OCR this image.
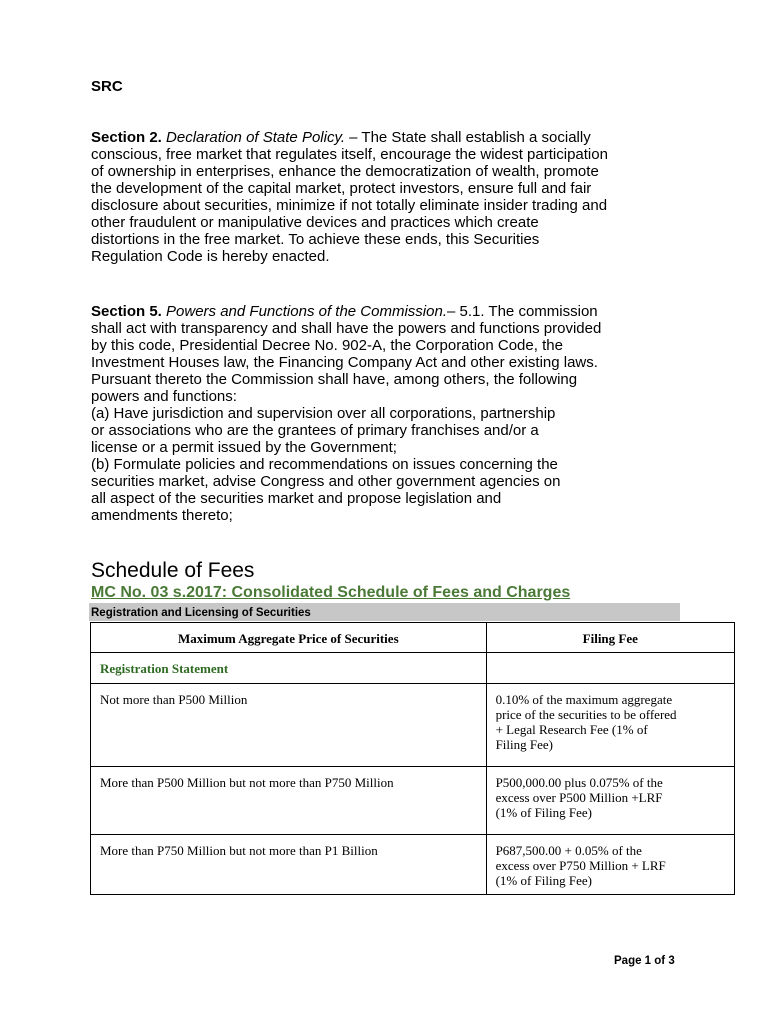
SRC

Section 2. Declaration of State Policy. – The State shall establish a socially
conscious, free market that regulates itself, encourage the widest participation
of ownership in enterprises, enhance the democratization of wealth, promote
the development of the capital market, protect investors, ensure full and fair
disclosure about securities, minimize if not totally eliminate insider trading and
other fraudulent or manipulative devices and practices which create
distortions in the free market. To achieve these ends, this Securities
Regulation Code is hereby enacted.
Section 5. Powers and Functions of the Commission.– 5.1. The commission
shall act with transparency and shall have the powers and functions provided
by this code, Presidential Decree No. 902-A, the Corporation Code, the
Investment Houses law, the Financing Company Act and other existing laws.
Pursuant thereto the Commission shall have, among others, the following
powers and functions:
(a) Have jurisdiction and supervision over all corporations, partnership
or associations who are the grantees of primary franchises and/or a
license or a permit issued by the Government;
(b) Formulate policies and recommendations on issues concerning the
securities market, advise Congress and other government agencies on
all aspect of the securities market and propose legislation and
amendments thereto;
Schedule of Fees
MC No. 03 s.2017: Consolidated Schedule of Fees and Charges
Registration and Licensing of Securities
Maximum Aggregate Price of Securities	Filing Fee
Registration Statement	
Not more than P500 Million	0.10% of the maximum aggregate
price of the securities to be offered
+ Legal Research Fee (1% of
Filing Fee)

More than P500 Million but not more than P750 Million	P500,000.00 plus 0.075% of the
excess over P500 Million +LRF
(1% of Filing Fee)

More than P750 Million but not more than P1 Billion	P687,500.00 + 0.05% of the
excess over P750 Million + LRF
(1% of Filing Fee)
Page 1 of 3
